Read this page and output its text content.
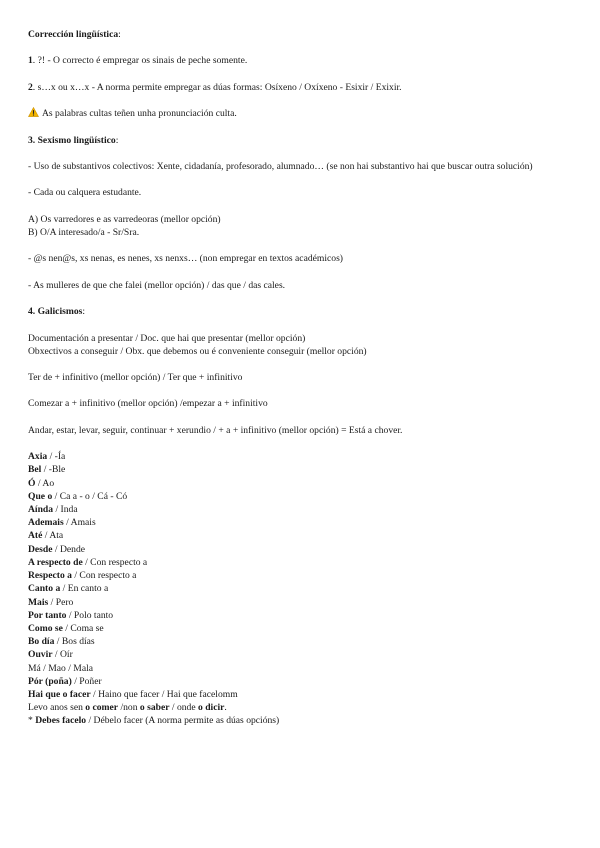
Corrección lingüística:

1. ?! - O correcto é empregar os sinais de peche somente.

2. s…x ou x…x - A norma permite empregar as dúas formas: Osíxeno / Oxíxeno - Esixir / Exixir.

As palabras cultas teñen unha pronunciación culta.

3. Sexismo lingüístico:

- Uso de substantivos colectivos: Xente, cidadanía, profesorado, alumnado… (se non hai substantivo hai que buscar outra solución)

- Cada ou calquera estudante.

A) Os varredores e as varredeoras (mellor opción)

B) O/A interesado/a - Sr/Sra.

- @s nen@s, xs nenas, es nenes, xs nenxs… (non empregar en textos académicos)

- As mulleres de que che falei (mellor opción) / das que / das cales.

4. Galicismos:

Documentación a presentar / Doc. que hai que presentar (mellor opción)

Obxectivos a conseguir / Obx. que debemos ou é conveniente conseguir (mellor opción)

Ter de + infinitivo (mellor opción) / Ter que + infinitivo

Comezar a + infinitivo (mellor opción) /empezar a + infinitivo

Andar, estar, levar, seguir, continuar + xerundio / + a + infinitivo (mellor opción) = Está a chover.

Axia / -Ía

Bel / -Ble

Ó / Ao

Que o / Ca a - o / Cá - Có

Aínda / Inda

Ademais / Amais

Até / Ata

Desde / Dende

A respecto de / Con respecto a

Respecto a / Con respecto a

Canto a / En canto a

Mais / Pero

Por tanto / Polo tanto

Como se / Coma se

Bo día / Bos días

Ouvir / Oír

Má / Mao / Mala

Pór (poña) / Poñer

Hai que o facer / Haino que facer / Hai que facelomm

Levo anos sen o comer /non o saber / onde o dicir.

* Debes facelo / Débelo facer (A norma permite as dúas opcións)
